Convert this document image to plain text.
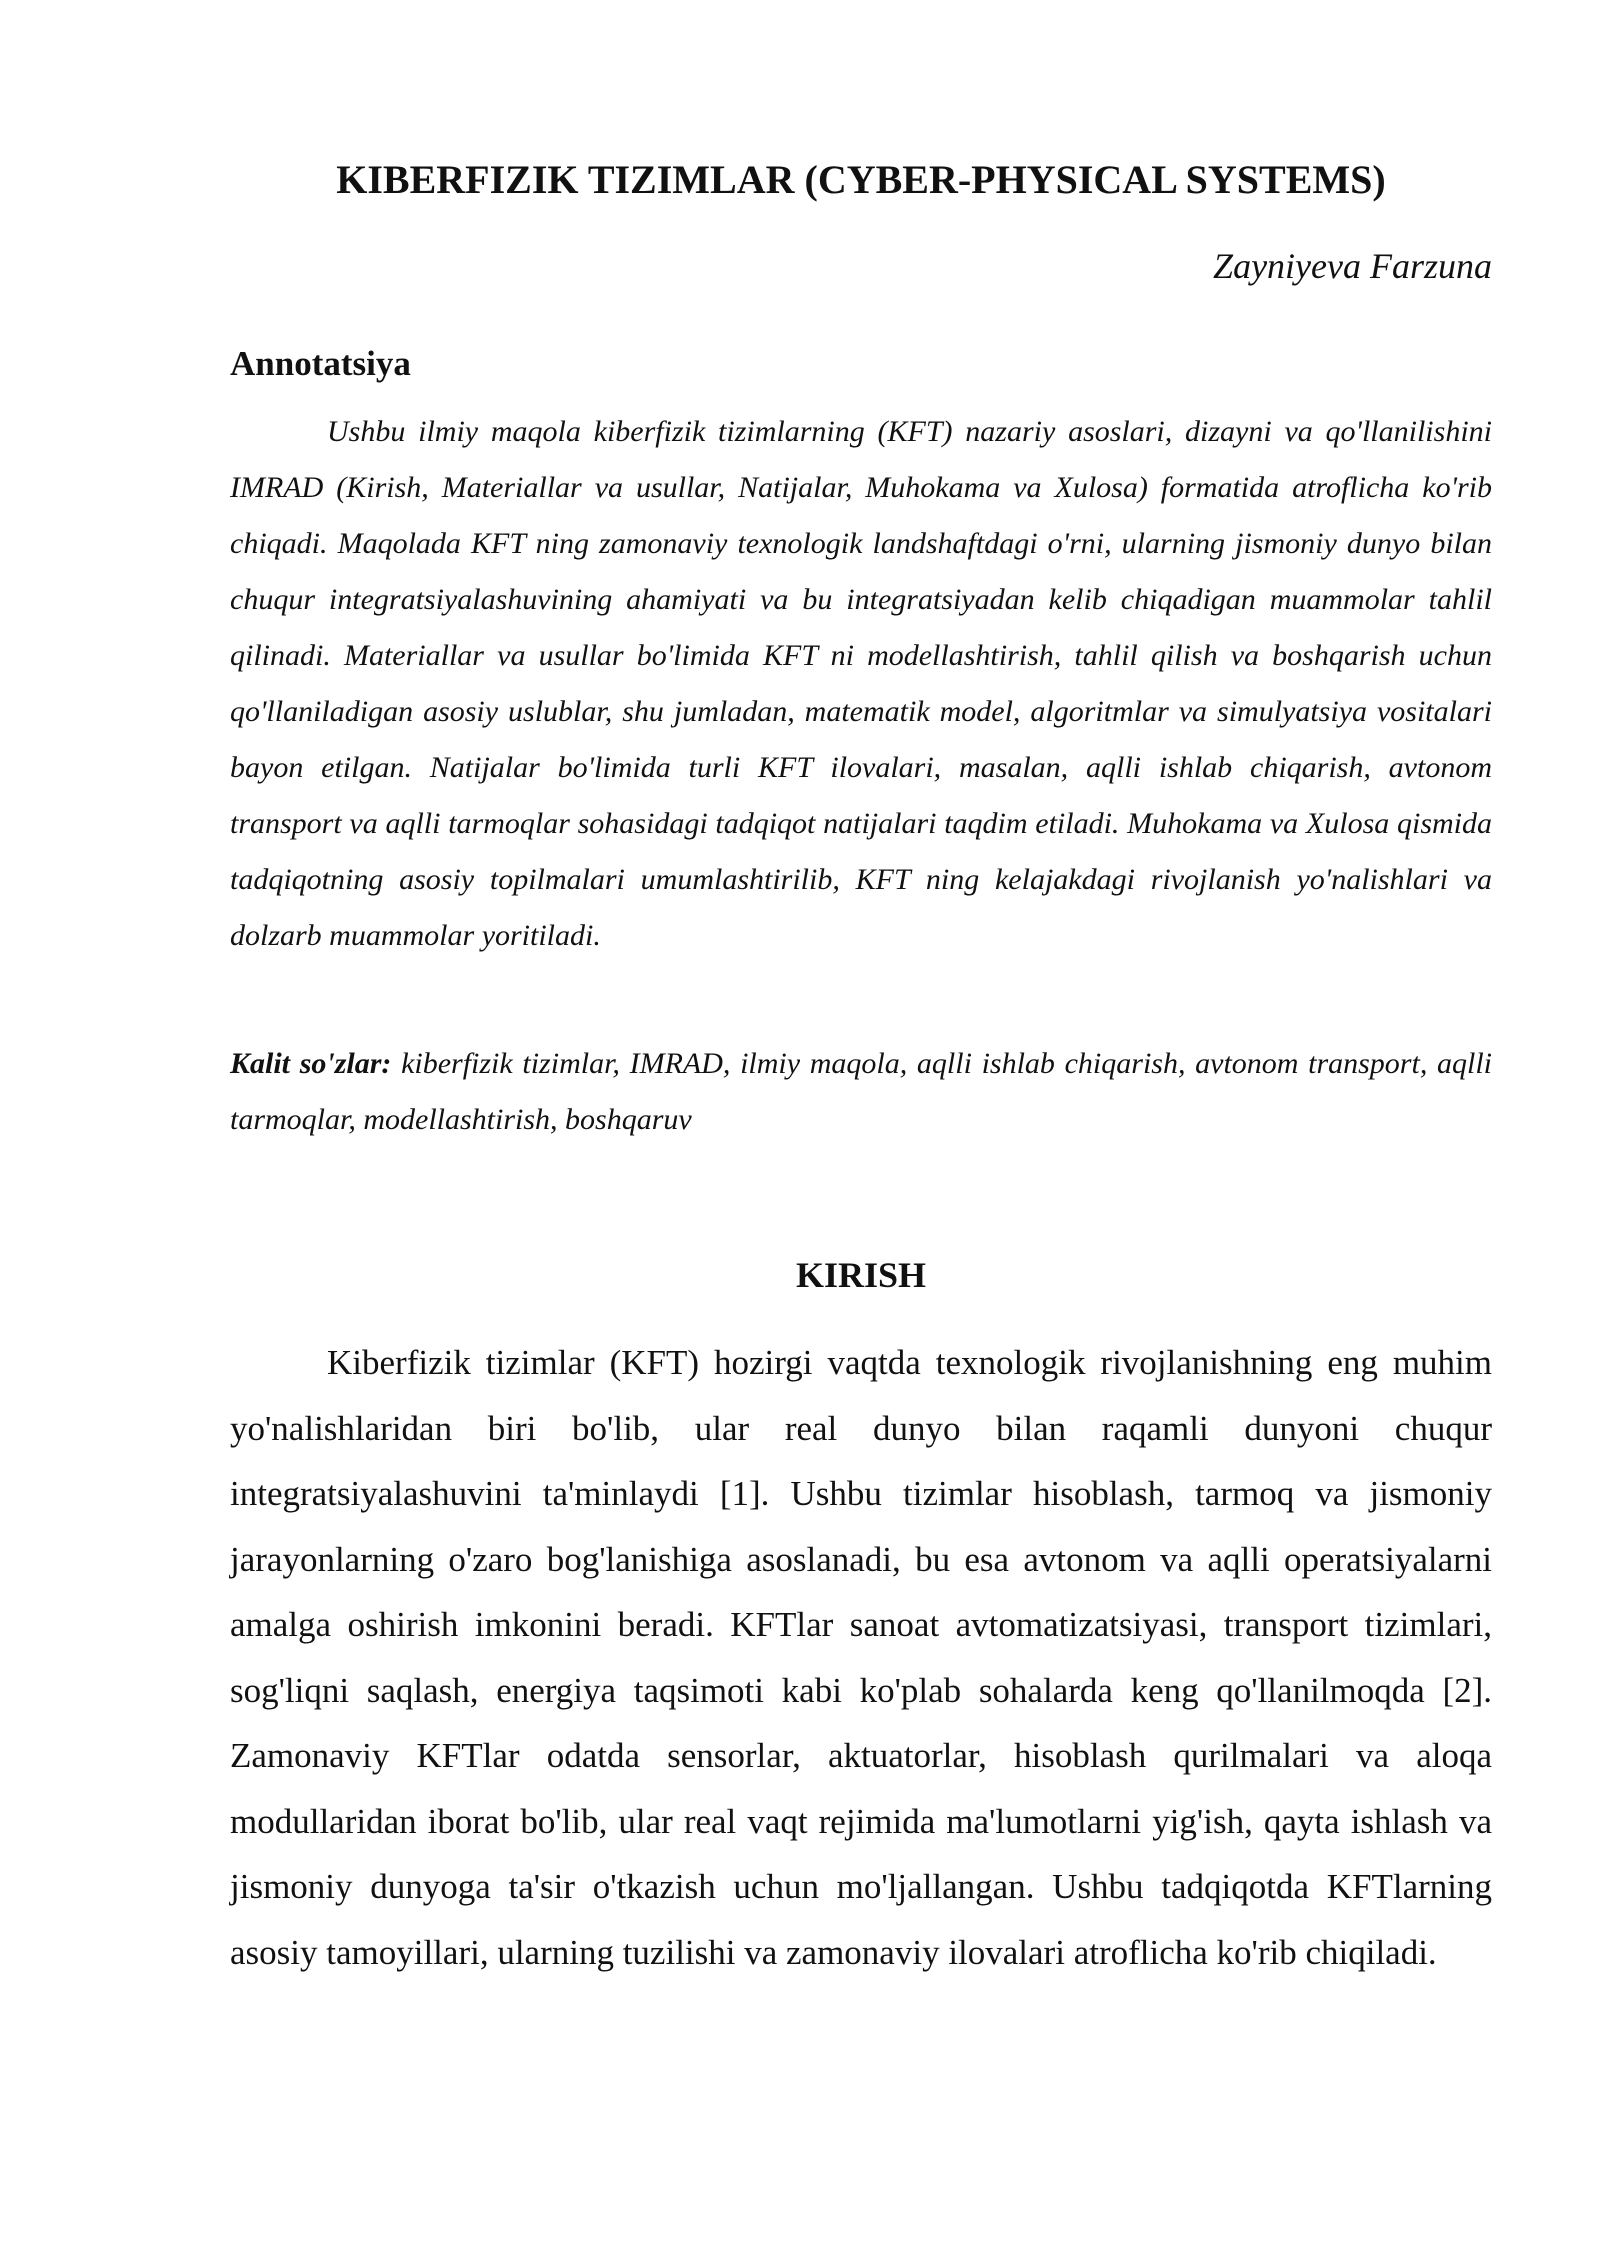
KIBERFIZIK TIZIMLAR (CYBER-PHYSICAL SYSTEMS)

Zayniyeva Farzuna

Annotatsiya

Ushbu ilmiy maqola kiberfizik tizimlarning (KFT) nazariy asoslari, dizayni va qo'llanilishini IMRAD (Kirish, Materiallar va usullar, Natijalar, Muhokama va Xulosa) formatida atroflicha ko'rib chiqadi. Maqolada KFT ning zamonaviy texnologik landshaftdagi o'rni, ularning jismoniy dunyo bilan chuqur integratsiyalashuvining ahamiyati va bu integratsiyadan kelib chiqadigan muammolar tahlil qilinadi. Materiallar va usullar bo'limida KFT ni modellashtirish, tahlil qilish va boshqarish uchun qo'llaniladigan asosiy uslublar, shu jumladan, matematik model, algoritmlar va simulyatsiya vositalari bayon etilgan. Natijalar bo'limida turli KFT ilovalari, masalan, aqlli ishlab chiqarish, avtonom transport va aqlli tarmoqlar sohasidagi tadqiqot natijalari taqdim etiladi. Muhokama va Xulosa qismida tadqiqotning asosiy topilmalari umumlashtirilib, KFT ning kelajakdagi rivojlanish yo'nalishlari va dolzarb muammolar yoritiladi.

Kalit so'zlar: kiberfizik tizimlar, IMRAD, ilmiy maqola, aqlli ishlab chiqarish, avtonom transport, aqlli tarmoqlar, modellashtirish, boshqaruv

KIRISH

Kiberfizik tizimlar (KFT) hozirgi vaqtda texnologik rivojlanishning eng muhim yo'nalishlaridan biri bo'lib, ular real dunyo bilan raqamli dunyoni chuqur integratsiyalashuvini ta'minlaydi [1]. Ushbu tizimlar hisoblash, tarmoq va jismoniy jarayonlarning o'zaro bog'lanishiga asoslanadi, bu esa avtonom va aqlli operatsiyalarni amalga oshirish imkonini beradi. KFTlar sanoat avtomatizatsiyasi, transport tizimlari, sog'liqni saqlash, energiya taqsimoti kabi ko'plab sohalarda keng qo'llanilmoqda [2]. Zamonaviy KFTlar odatda sensorlar, aktuatorlar, hisoblash qurilmalari va aloqa modullaridan iborat bo'lib, ular real vaqt rejimida ma'lumotlarni yig'ish, qayta ishlash va jismoniy dunyoga ta'sir o'tkazish uchun mo'ljallangan. Ushbu tadqiqotda KFTlarning asosiy tamoyillari, ularning tuzilishi va zamonaviy ilovalari atroflicha ko'rib chiqiladi.
